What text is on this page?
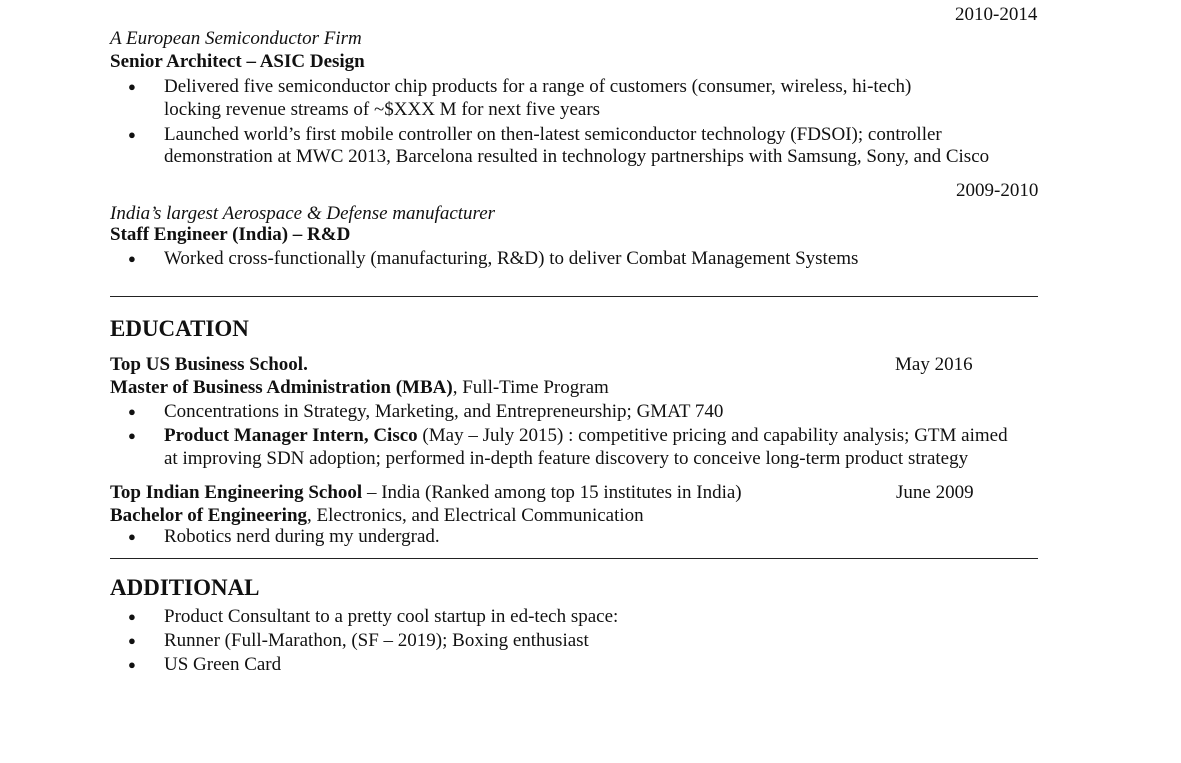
2010-2014
A European Semiconductor Firm
Senior Architect – ASIC Design
● Delivered five semiconductor chip products for a range of customers (consumer, wireless, hi-tech)
locking revenue streams of ~$XXX M for next five years
● Launched world’s first mobile controller on then-latest semiconductor technology (FDSOI); controller
demonstration at MWC 2013, Barcelona resulted in technology partnerships with Samsung, Sony, and Cisco
2009-2010
India’s largest Aerospace & Defense manufacturer
Staff Engineer (India) – R&D
● Worked cross-functionally (manufacturing, R&D) to deliver Combat Management Systems
EDUCATION
Top US Business School.	May 2016
Master of Business Administration (MBA), Full-Time Program
● Concentrations in Strategy, Marketing, and Entrepreneurship; GMAT 740
● Product Manager Intern, Cisco (May – July 2015) : competitive pricing and capability analysis; GTM aimed
at improving SDN adoption; performed in-depth feature discovery to conceive long-term product strategy
Top Indian Engineering School – India (Ranked among top 15 institutes in India)	June 2009
Bachelor of Engineering, Electronics, and Electrical Communication
● Robotics nerd during my undergrad.
ADDITIONAL
● Product Consultant to a pretty cool startup in ed-tech space:
● Runner (Full-Marathon, (SF – 2019); Boxing enthusiast
● US Green Card
